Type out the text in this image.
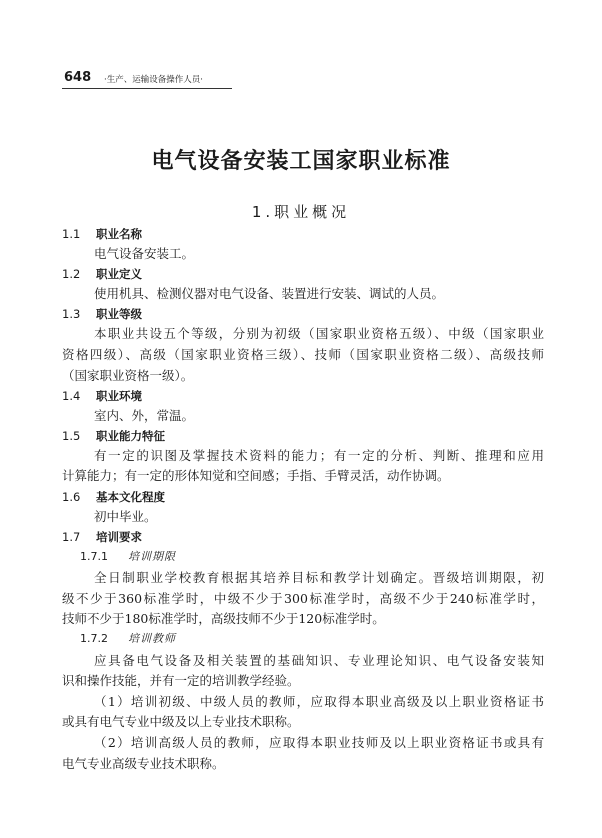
648 ·生产、运输设备操作人员·
电气设备安装工国家职业标准
1.职业概况
1.1 职业名称
电气设备安装工。
1.2 职业定义
使用机具、检测仪器对电气设备、装置进行安装、调试的人员。
1.3 职业等级
本职业共设五个等级，分别为初级（国家职业资格五级）、中级（国家职业
资格四级）、高级（国家职业资格三级）、技师（国家职业资格二级）、高级技师
（国家职业资格一级）。
1.4 职业环境
室内、外，常温。
1.5 职业能力特征
有一定的识图及掌握技术资料的能力；有一定的分析、判断、推理和应用
计算能力；有一定的形体知觉和空间感；手指、手臂灵活，动作协调。
1.6 基本文化程度
初中毕业。
1.7 培训要求
1.7.1 培训期限
全日制职业学校教育根据其培养目标和教学计划确定。晋级培训期限，初
级不少于360标准学时，中级不少于300标准学时，高级不少于240标准学时，
技师不少于180标准学时，高级技师不少于120标准学时。
1.7.2 培训教师
应具备电气设备及相关装置的基础知识、专业理论知识、电气设备安装知
识和操作技能，并有一定的培训教学经验。
（1）培训初级、中级人员的教师，应取得本职业高级及以上职业资格证书
或具有电气专业中级及以上专业技术职称。
（2）培训高级人员的教师，应取得本职业技师及以上职业资格证书或具有
电气专业高级专业技术职称。
